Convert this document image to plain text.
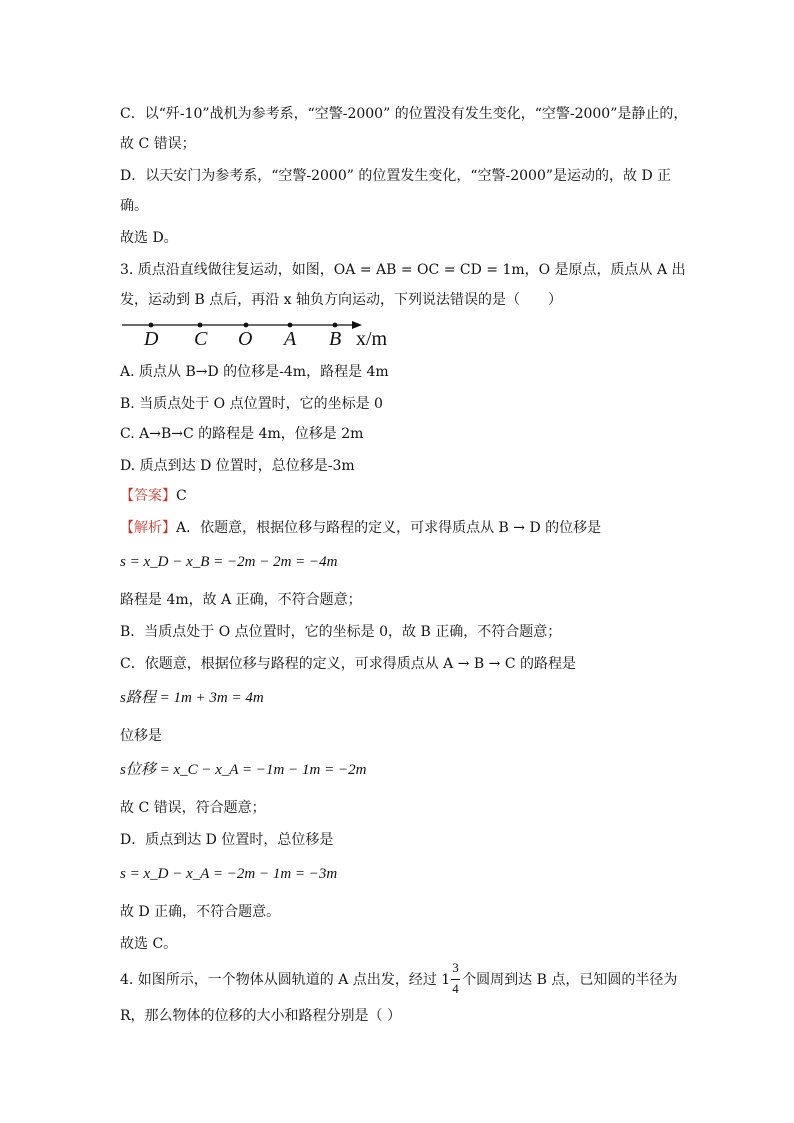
C．以“歼-10”战机为参考系，“空警-2000” 的位置没有发生变化，“空警-2000”是静止的，
故 C 错误；
D．以天安门为参考系，“空警-2000” 的位置发生变化，“空警-2000”是运动的，故 D 正
确。
故选 D。
3. 质点沿直线做往复运动，如图，OA = AB = OC = CD = 1m，O 是原点，质点从 A 出
发，运动到 B 点后，再沿 x 轴负方向运动，下列说法错误的是（　　）
D C O A B x/m
A. 质点从 B→D 的位移是-4m，路程是 4m
B. 当质点处于 O 点位置时，它的坐标是 0
C. A→B→C 的路程是 4m，位移是 2m
D. 质点到达 D 位置时，总位移是-3m
【答案】C
【解析】A．依题意，根据位移与路程的定义，可求得质点从 B → D 的位移是
s = x_D − x_B = −2m − 2m = −4m
路程是 4m，故 A 正确，不符合题意；
B．当质点处于 O 点位置时，它的坐标是 0，故 B 正确，不符合题意；
C．依题意，根据位移与路程的定义，可求得质点从 A → B → C 的路程是
s路程 = 1m + 3m = 4m
位移是
s位移 = x_C − x_A = −1m − 1m = −2m
故 C 错误，符合题意；
D．质点到达 D 位置时，总位移是
s = x_D − x_A = −2m − 1m = −3m
故 D 正确，不符合题意。
故选 C。
4. 如图所示，一个物体从圆轨道的 A 点出发，经过 $1 \frac{3}{4}$ 个圆周到达 B 点，已知圆的半径为
R，那么物体的位移的大小和路程分别是（ ）
